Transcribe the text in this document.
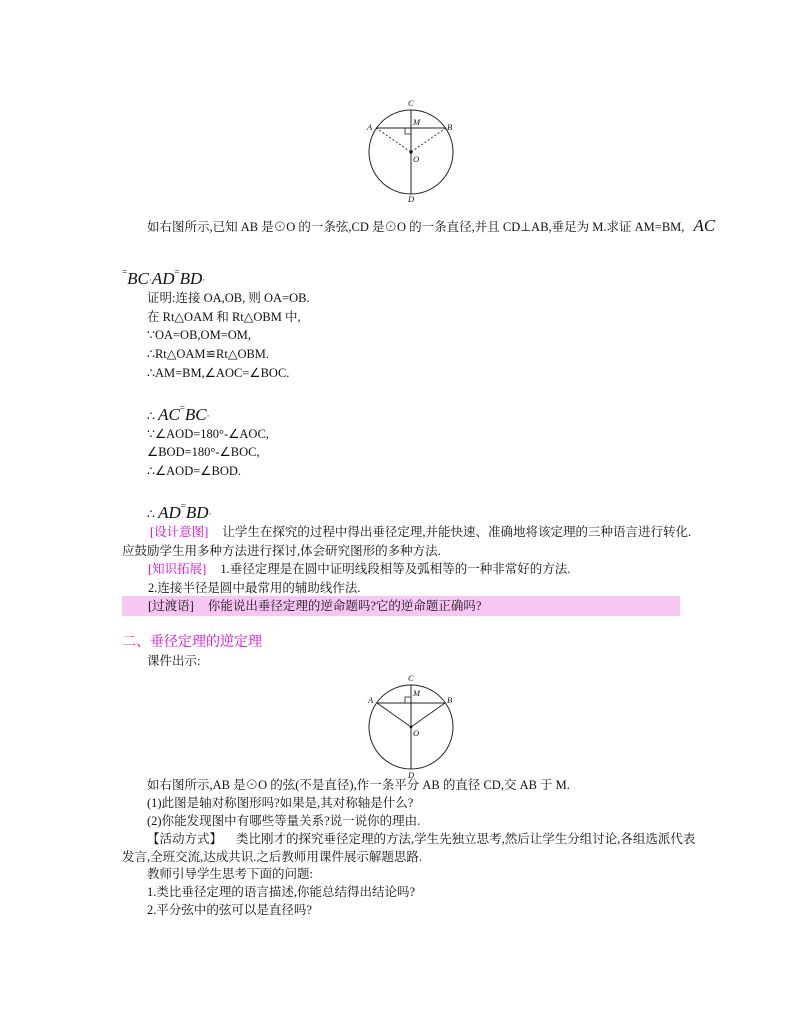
C
M
A	B
O
D
如右图所示,已知 AB 是⊙O 的一条弦,CD 是⊙O 的一条直径,并且 CD⊥AB,垂足为 M.求证 AM=BM, AC
=BC·AD=BD·
证明:连接 OA,OB, 则 OA=OB.
在 Rt△OAM 和 Rt△OBM 中,
∵OA=OB,OM=OM,
∴Rt△OAM≌Rt△OBM.
∴AM=BM,∠AOC=∠BOC.
∴ AC=BC·
∵∠AOD=180°-∠AOC,
∠BOD=180°-∠BOC,
∴∠AOD=∠BOD.
∴ AD=BD·
[设计意图] 让学生在探究的过程中得出垂径定理,并能快速、准确地将该定理的三种语言进行转化.
应鼓励学生用多种方法进行探讨,体会研究图形的多种方法.
[知识拓展] 1.垂径定理是在圆中证明线段相等及弧相等的一种非常好的方法.
2.连接半径是圆中最常用的辅助线作法.
[过渡语] 你能说出垂径定理的逆命题吗?它的逆命题正确吗?
二、垂径定理的逆定理
课件出示:
C
M
A	B
O
D
如右图所示,AB 是⊙O 的弦(不是直径),作一条平分 AB 的直径 CD,交 AB 于 M.
(1)此图是轴对称图形吗?如果是,其对称轴是什么?
(2)你能发现图中有哪些等量关系?说一说你的理由.
【活动方式】 类比刚才的探究垂径定理的方法,学生先独立思考,然后让学生分组讨论,各组选派代表
发言,全班交流,达成共识.之后教师用课件展示解题思路.
教师引导学生思考下面的问题:
1.类比垂径定理的语言描述,你能总结得出结论吗?
2.平分弦中的弦可以是直径吗?
